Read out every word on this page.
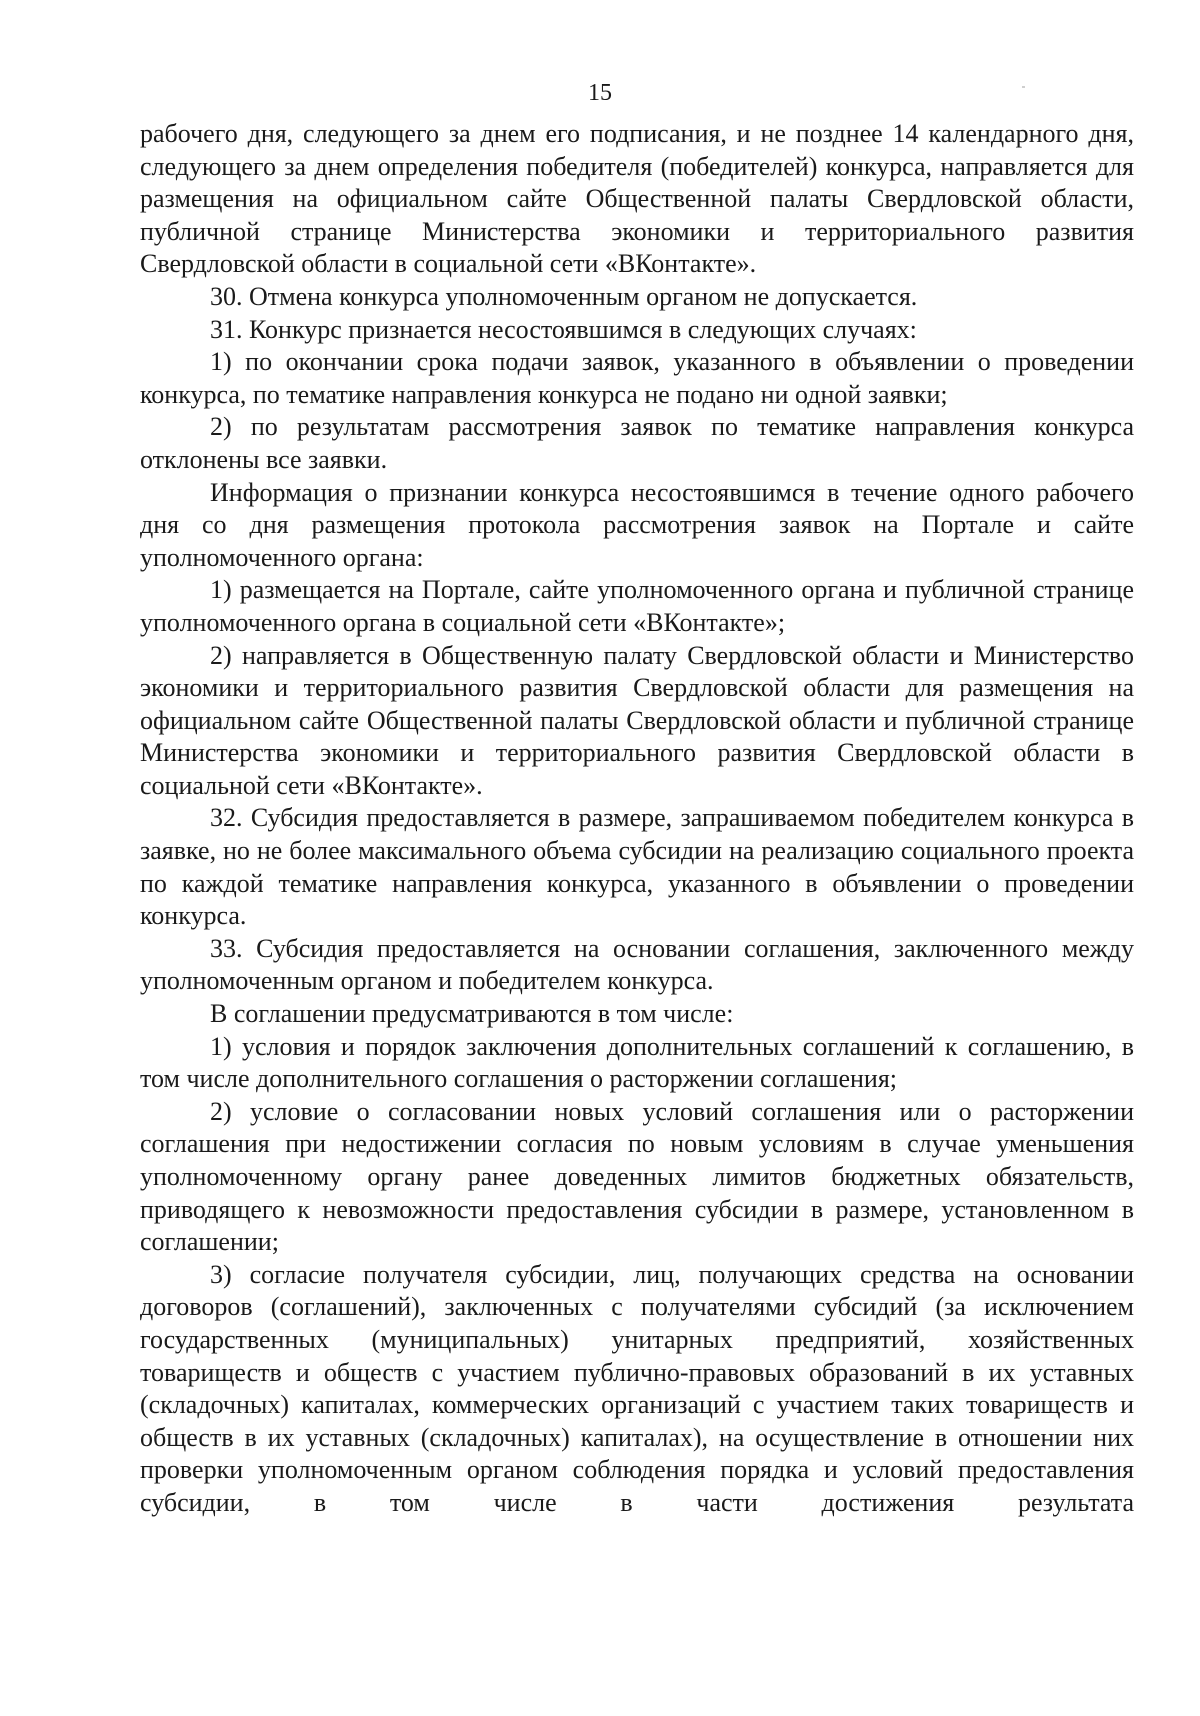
15

рабочего дня, следующего за днем его подписания, и не позднее 14 календарного дня, следующего за днем определения победителя (победителей) конкурса, направляется для размещения на официальном сайте Общественной палаты Свердловской области, публичной странице Министерства экономики и территориального развития Свердловской области в социальной сети «ВКонтакте».

30. Отмена конкурса уполномоченным органом не допускается.

31. Конкурс признается несостоявшимся в следующих случаях:

1) по окончании срока подачи заявок, указанного в объявлении о проведении конкурса, по тематике направления конкурса не подано ни одной заявки;

2) по результатам рассмотрения заявок по тематике направления конкурса отклонены все заявки.

Информация о признании конкурса несостоявшимся в течение одного рабочего дня со дня размещения протокола рассмотрения заявок на Портале и сайте уполномоченного органа:

1) размещается на Портале, сайте уполномоченного органа и публичной странице уполномоченного органа в социальной сети «ВКонтакте»;

2) направляется в Общественную палату Свердловской области и Министерство экономики и территориального развития Свердловской области для размещения на официальном сайте Общественной палаты Свердловской области и публичной странице Министерства экономики и территориального развития Свердловской области в социальной сети «ВКонтакте».

32. Субсидия предоставляется в размере, запрашиваемом победителем конкурса в заявке, но не более максимального объема субсидии на реализацию социального проекта по каждой тематике направления конкурса, указанного в объявлении о проведении конкурса.

33. Субсидия предоставляется на основании соглашения, заключенного между уполномоченным органом и победителем конкурса.

В соглашении предусматриваются в том числе:

1) условия и порядок заключения дополнительных соглашений к соглашению, в том числе дополнительного соглашения о расторжении соглашения;

2) условие о согласовании новых условий соглашения или о расторжении соглашения при недостижении согласия по новым условиям в случае уменьшения уполномоченному органу ранее доведенных лимитов бюджетных обязательств, приводящего к невозможности предоставления субсидии в размере, установленном в соглашении;

3) согласие получателя субсидии, лиц, получающих средства на основании договоров (соглашений), заключенных с получателями субсидий (за исключением государственных (муниципальных) унитарных предприятий, хозяйственных товариществ и обществ с участием публично-правовых образований в их уставных (складочных) капиталах, коммерческих организаций с участием таких товариществ и обществ в их уставных (складочных) капиталах), на осуществление в отношении них проверки уполномоченным органом соблюдения порядка и условий предоставления субсидии, в том числе в части достижения результата
